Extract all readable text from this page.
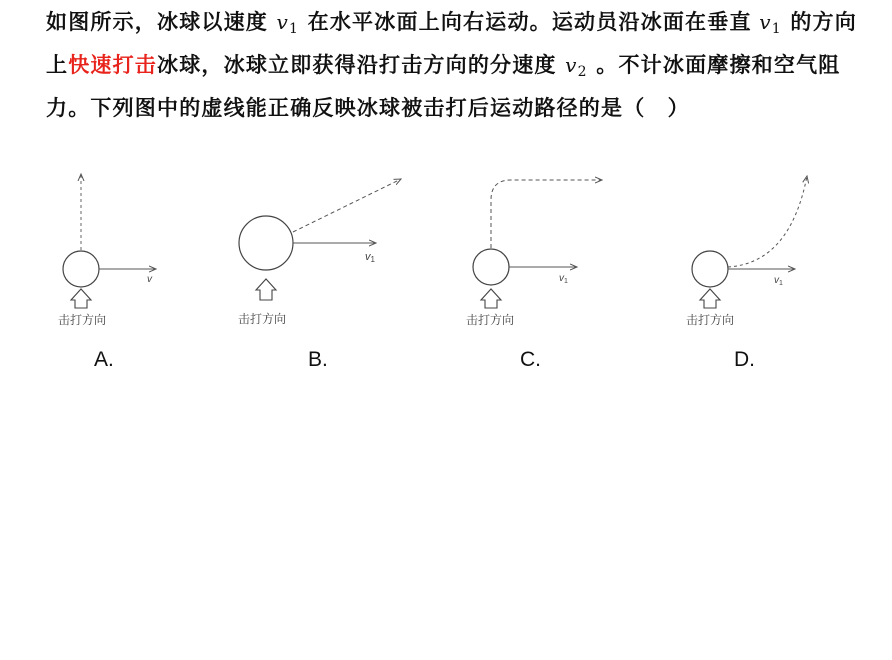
如图所示，冰球以速度 $v_1$ 在水平冰面上向右运动。运动员沿冰面在垂直 $v_1$ 的方向上快速打击冰球，冰球立即获得沿打击方向的分速度 $v_2$ 。不计冰面摩擦和空气阻力。下列图中的虚线能正确反映冰球被击打后运动路径的是（　）
v
击打方向
A.
v1
击打方向
B.
$v_1$
击打方向
C.
$v_1$
击打方向
D.
